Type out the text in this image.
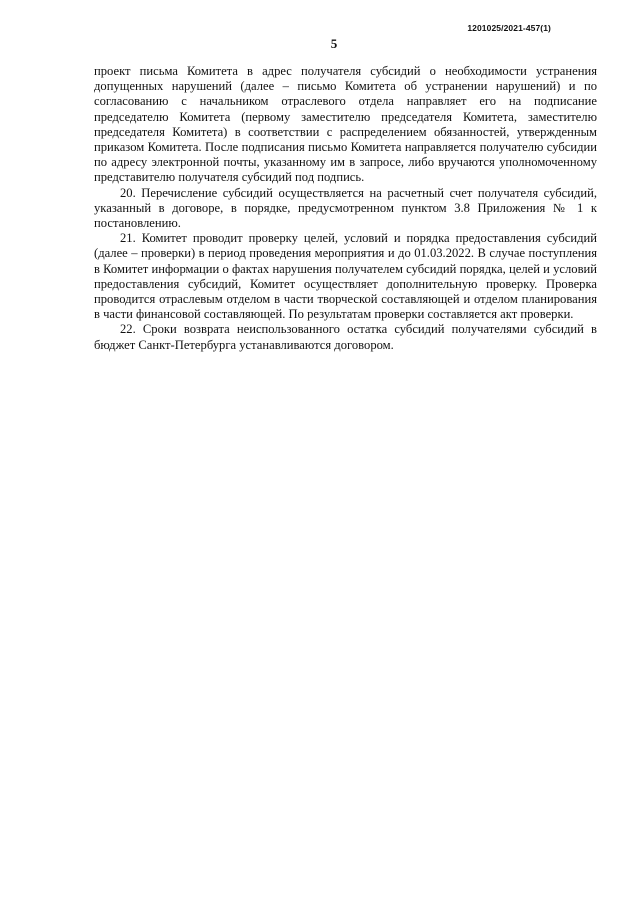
1201025/2021-457(1)
5

проект письма Комитета в адрес получателя субсидий о необходимости устранения допущенных нарушений (далее – письмо Комитета об устранении нарушений) и по согласованию с начальником отраслевого отдела направляет его на подписание председателю Комитета (первому заместителю председателя Комитета, заместителю председателя Комитета) в соответствии с распределением обязанностей, утвержденным приказом Комитета. После подписания письмо Комитета направляется получателю субсидии по адресу электронной почты, указанному им в запросе, либо вручаются уполномоченному представителю получателя субсидий под подпись.

20. Перечисление субсидий осуществляется на расчетный счет получателя субсидий, указанный в договоре, в порядке, предусмотренном пунктом 3.8 Приложения № 1 к постановлению.

21. Комитет проводит проверку целей, условий и порядка предоставления субсидий (далее – проверки) в период проведения мероприятия и до 01.03.2022. В случае поступления в Комитет информации о фактах нарушения получателем субсидий порядка, целей и условий предоставления субсидий, Комитет осуществляет дополнительную проверку. Проверка проводится отраслевым отделом в части творческой составляющей и отделом планирования в части финансовой составляющей. По результатам проверки составляется акт проверки.

22. Сроки возврата неиспользованного остатка субсидий получателями субсидий в бюджет Санкт-Петербурга устанавливаются договором.
